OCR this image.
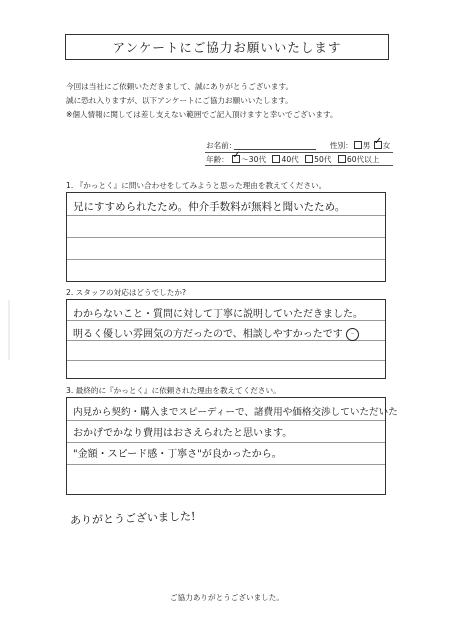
アンケートにご協力お願いいたします
今回は当社にご依頼いただきまして、誠にありがとうございます。
誠に恐れ入りますが、以下アンケートにご協力お願いいたします。
※個人情報に関しては差し支えない範囲でご記入頂けますと幸いでございます。
お名前：	性別： 男 ✓ 女
年齢： ✓ ～30代 40代 50代 60代以上
1. 『かっとく』に問い合わせをしてみようと思った理由を教えてください。
兄にすすめられたため。仲介手数料が無料と聞いたため。
2. スタッフの対応はどうでしたか?
わからないこと・質問に対して丁寧に説明していただきました。
明るく優しい雰囲気の方だったので、相談しやすかったです ᵕ
3. 最終的に『かっとく』に依頼された理由を教えてください。
内見から契約・購入までスピーディーで、諸費用や価格交渉していただいた
おかげでかなり費用はおさえられたと思います。
"金額・スピード感・丁寧さ"が良かったから。
ありがとうございました!
ご協力ありがとうございました。
